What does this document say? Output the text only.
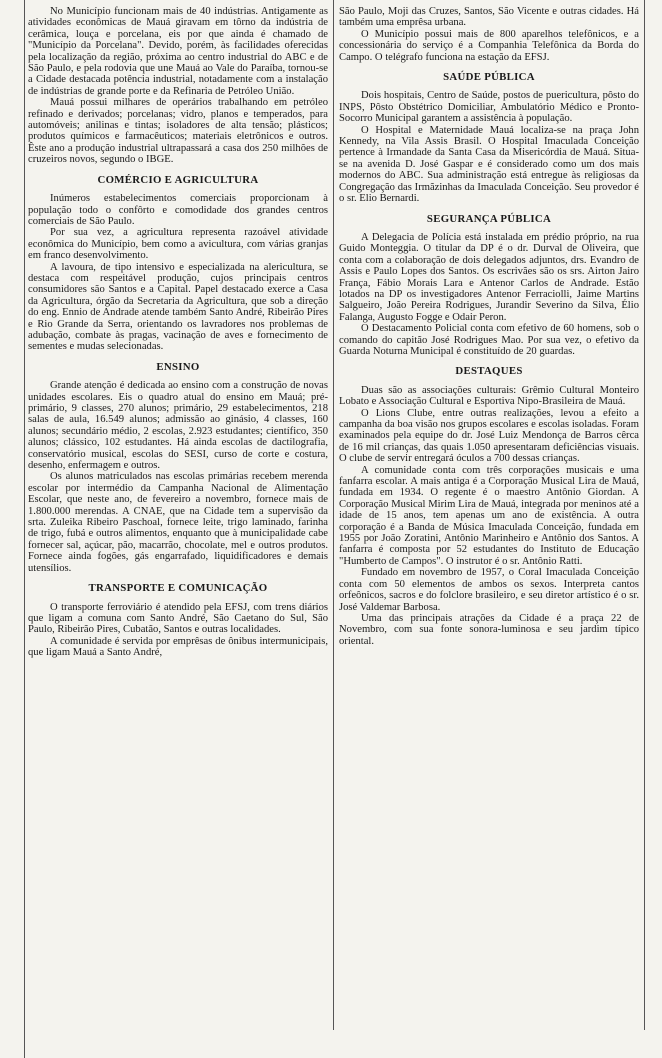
No Município funcionam mais de 40 indústrias. Antigamente as atividades econômicas de Mauá giravam em tôrno da indústria de cerâmica, louça e porcelana, eis por que ainda é chamado de "Município da Porcelana". Devido, porém, às facilidades oferecidas pela localização da região, próxima ao centro industrial do ABC e de São Paulo, e pela rodovia que une Mauá ao Vale do Paraíba, tornou-se a Cidade destacada potência industrial, notadamente com a instalação de indústrias de grande porte e da Refinaria de Petróleo União.

Mauá possui milhares de operários trabalhando em petróleo refinado e derivados; porcelanas; vidro, planos e temperados, para automóveis; anilinas e tintas; isoladores de alta tensão; plásticos; produtos químicos e farmacêuticos; materiais eletrônicos e outros. Êste ano a produção industrial ultrapassará a casa dos 250 milhões de cruzeiros novos, segundo o IBGE.

COMÉRCIO E AGRICULTURA

Inúmeros estabelecimentos comerciais proporcionam à população todo o confôrto e comodidade dos grandes centros comerciais de São Paulo.

Por sua vez, a agricultura representa razoável atividade econômica do Município, bem como a avicultura, com várias granjas em franco desenvolvimento.

A lavoura, de tipo intensivo e especializada na alericultura, se destaca com respeitável produção, cujos principais centros consumidores são Santos e a Capital. Papel destacado exerce a Casa da Agricultura, órgão da Secretaria da Agricultura, que sob a direção do eng. Ennio de Andrade atende também Santo André, Ribeirão Pires e Rio Grande da Serra, orientando os lavradores nos problemas de adubação, combate às pragas, vacinação de aves e fornecimento de sementes e mudas selecionadas.

ENSINO

Grande atenção é dedicada ao ensino com a construção de novas unidades escolares. Eis o quadro atual do ensino em Mauá; pré-primário, 9 classes, 270 alunos; primário, 29 estabelecimentos, 218 salas de aula, 16.549 alunos; admissão ao ginásio, 4 classes, 160 alunos; secundário médio, 2 escolas, 2.923 estudantes; científico, 350 alunos; clássico, 102 estudantes. Há ainda escolas de dactilografia, conservatório musical, escolas do SESI, curso de corte e costura, desenho, enfermagem e outros.

Os alunos matriculados nas escolas primárias recebem merenda escolar por intermédio da Campanha Nacional de Alimentação Escolar, que neste ano, de fevereiro a novembro, fornece mais de 1.800.000 merendas. A CNAE, que na Cidade tem a supervisão da srta. Zuleika Ribeiro Paschoal, fornece leite, trigo laminado, farinha de trigo, fubá e outros alimentos, enquanto que à municipalidade cabe fornecer sal, açúcar, pão, macarrão, chocolate, mel e outros produtos. Fornece ainda fogões, gás engarrafado, liquidificadores e demais utensílios.

TRANSPORTE E COMUNICAÇÃO

O transporte ferroviário é atendido pela EFSJ, com trens diários que ligam a comuna com Santo André, São Caetano do Sul, São Paulo, Ribeirão Pires, Cubatão, Santos e outras localidades.

A comunidade é servida por emprêsas de ônibus intermunicipais, que ligam Mauá a Santo André,

São Paulo, Moji das Cruzes, Santos, São Vicente e outras cidades. Há também uma emprêsa urbana.

O Município possui mais de 800 aparelhos telefônicos, e a concessionária do serviço é a Companhia Telefônica da Borda do Campo. O telégrafo funciona na estação da EFSJ.

SAÚDE PÚBLICA

Dois hospitais, Centro de Saúde, postos de puericultura, pôsto do INPS, Pôsto Obstétrico Domiciliar, Ambulatório Médico e Pronto-Socorro Municipal garantem a assistência à população.

O Hospital e Maternidade Mauá localiza-se na praça John Kennedy, na Vila Assis Brasil. O Hospital Imaculada Conceição pertence à Irmandade da Santa Casa da Misericórdia de Mauá. Situa-se na avenida D. José Gaspar e é considerado como um dos mais modernos do ABC. Sua administração está entregue às religiosas da Congregação das Irmãzinhas da Imaculada Conceição. Seu provedor é o sr. Elio Bernardi.

SEGURANÇA PÚBLICA

A Delegacia de Polícia está instalada em prédio próprio, na rua Guido Monteggia. O titular da DP é o dr. Durval de Oliveira, que conta com a colaboração de dois delegados adjuntos, drs. Evandro de Assis e Paulo Lopes dos Santos. Os escrivães são os srs. Airton Jairo França, Fábio Morais Lara e Antenor Carlos de Andrade. Estão lotados na DP os investigadores Antenor Ferraciolli, Jaime Martins Salgueiro, João Pereira Rodrigues, Jurandir Severino da Silva, Élio Falanga, Augusto Fogge e Odair Peron.

O Destacamento Policial conta com efetivo de 60 homens, sob o comando do capitão José Rodrigues Mao. Por sua vez, o efetivo da Guarda Noturna Municipal é constituído de 20 guardas.

DESTAQUES

Duas são as associações culturais: Grêmio Cultural Monteiro Lobato e Associação Cultural e Esportiva Nipo-Brasileira de Mauá.

O Lions Clube, entre outras realizações, levou a efeito a campanha da boa visão nos grupos escolares e escolas isoladas. Foram examinados pela equipe do dr. José Luiz Mendonça de Barros cêrca de 16 mil crianças, das quais 1.050 apresentaram deficiências visuais. O clube de servir entregará óculos a 700 dessas crianças.

A comunidade conta com três corporações musicais e uma fanfarra escolar. A mais antiga é a Corporação Musical Lira de Mauá, fundada em 1934. O regente é o maestro Antônio Giordan. A Corporação Musical Mirim Lira de Mauá, integrada por meninos até a idade de 15 anos, tem apenas um ano de existência. A outra corporação é a Banda de Música Imaculada Conceição, fundada em 1955 por João Zoratini, Antônio Marinheiro e Antônio dos Santos. A fanfarra é composta por 52 estudantes do Instituto de Educação "Humberto de Campos". O instrutor é o sr. Antônio Ratti.

Fundado em novembro de 1957, o Coral Imaculada Conceição conta com 50 elementos de ambos os sexos. Interpreta cantos orfeônicos, sacros e do folclore brasileiro, e seu diretor artístico é o sr. José Valdemar Barbosa.

Uma das principais atrações da Cidade é a praça 22 de Novembro, com sua fonte sonora-luminosa e seu jardim típico oriental.
